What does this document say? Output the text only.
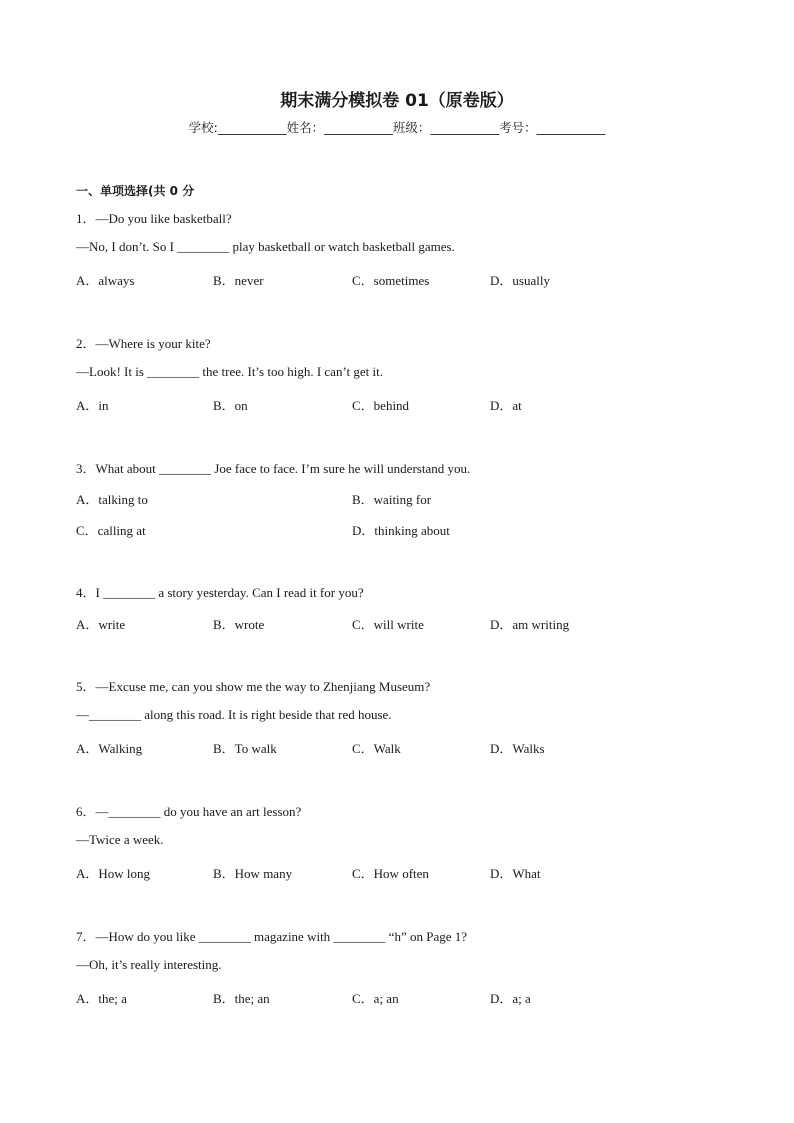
期末满分模拟卷 01（原卷版）
学校:___________姓名：___________班级：___________考号：___________
一、单项选择(共 0 分
1．—Do you like basketball?
—No, I don’t. So I ________ play basketball or watch basketball games.
A．always	B．never	C．sometimes	D．usually
2．—Where is your kite?
—Look! It is ________ the tree. It’s too high. I can’t get it.
A．in	B．on	C．behind	D．at
3．What about ________ Joe face to face. I’m sure he will understand you.
A．talking to	B．waiting for
C．calling at	D．thinking about
4．I ________ a story yesterday. Can I read it for you?
A．write	B．wrote	C．will write	D．am writing
5．—Excuse me, can you show me the way to Zhenjiang Museum?
—________ along this road. It is right beside that red house.
A．Walking	B．To walk	C．Walk	D．Walks
6．—________ do you have an art lesson?
—Twice a week.
A．How long	B．How many	C．How often	D．What
7．—How do you like ________ magazine with ________ “h” on Page 1?
—Oh, it’s really interesting.
A．the; a	B．the; an	C．a; an	D．a; a
